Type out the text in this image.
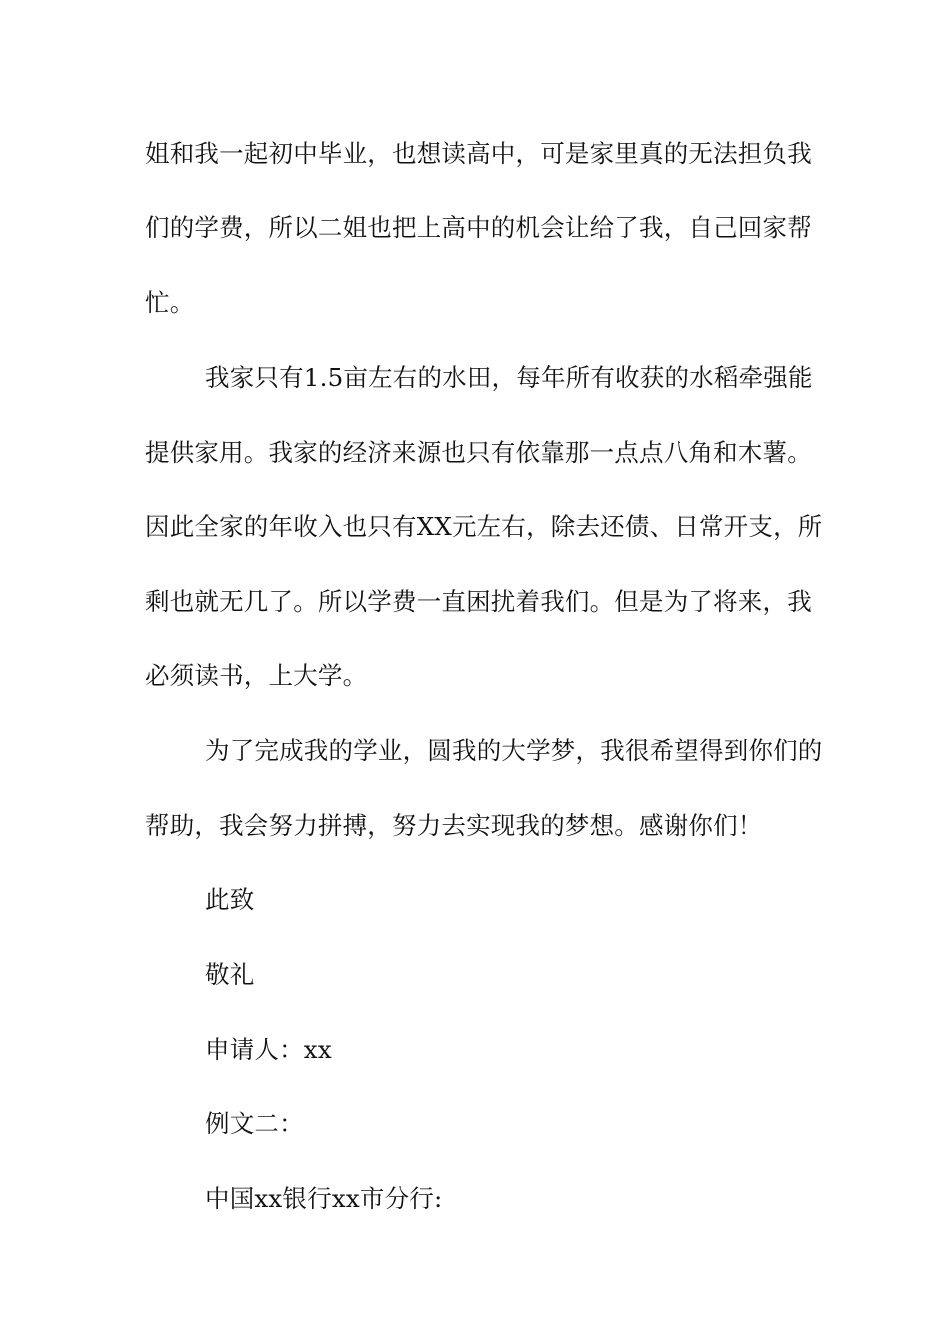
姐和我一起初中毕业，也想读高中，可是家里真的无法担负我
们的学费，所以二姐也把上高中的机会让给了我，自己回家帮
忙。
我家只有1.5亩左右的水田，每年所有收获的水稻牵强能
提供家用。我家的经济来源也只有依靠那一点点八角和木薯。
因此全家的年收入也只有XX元左右，除去还债、日常开支，所
剩也就无几了。所以学费一直困扰着我们。但是为了将来，我
必须读书，上大学。
为了完成我的学业，圆我的大学梦，我很希望得到你们的
帮助，我会努力拼搏，努力去实现我的梦想。感谢你们！
此致
敬礼
申请人：xx
例文二：
中国xx银行xx市分行:
